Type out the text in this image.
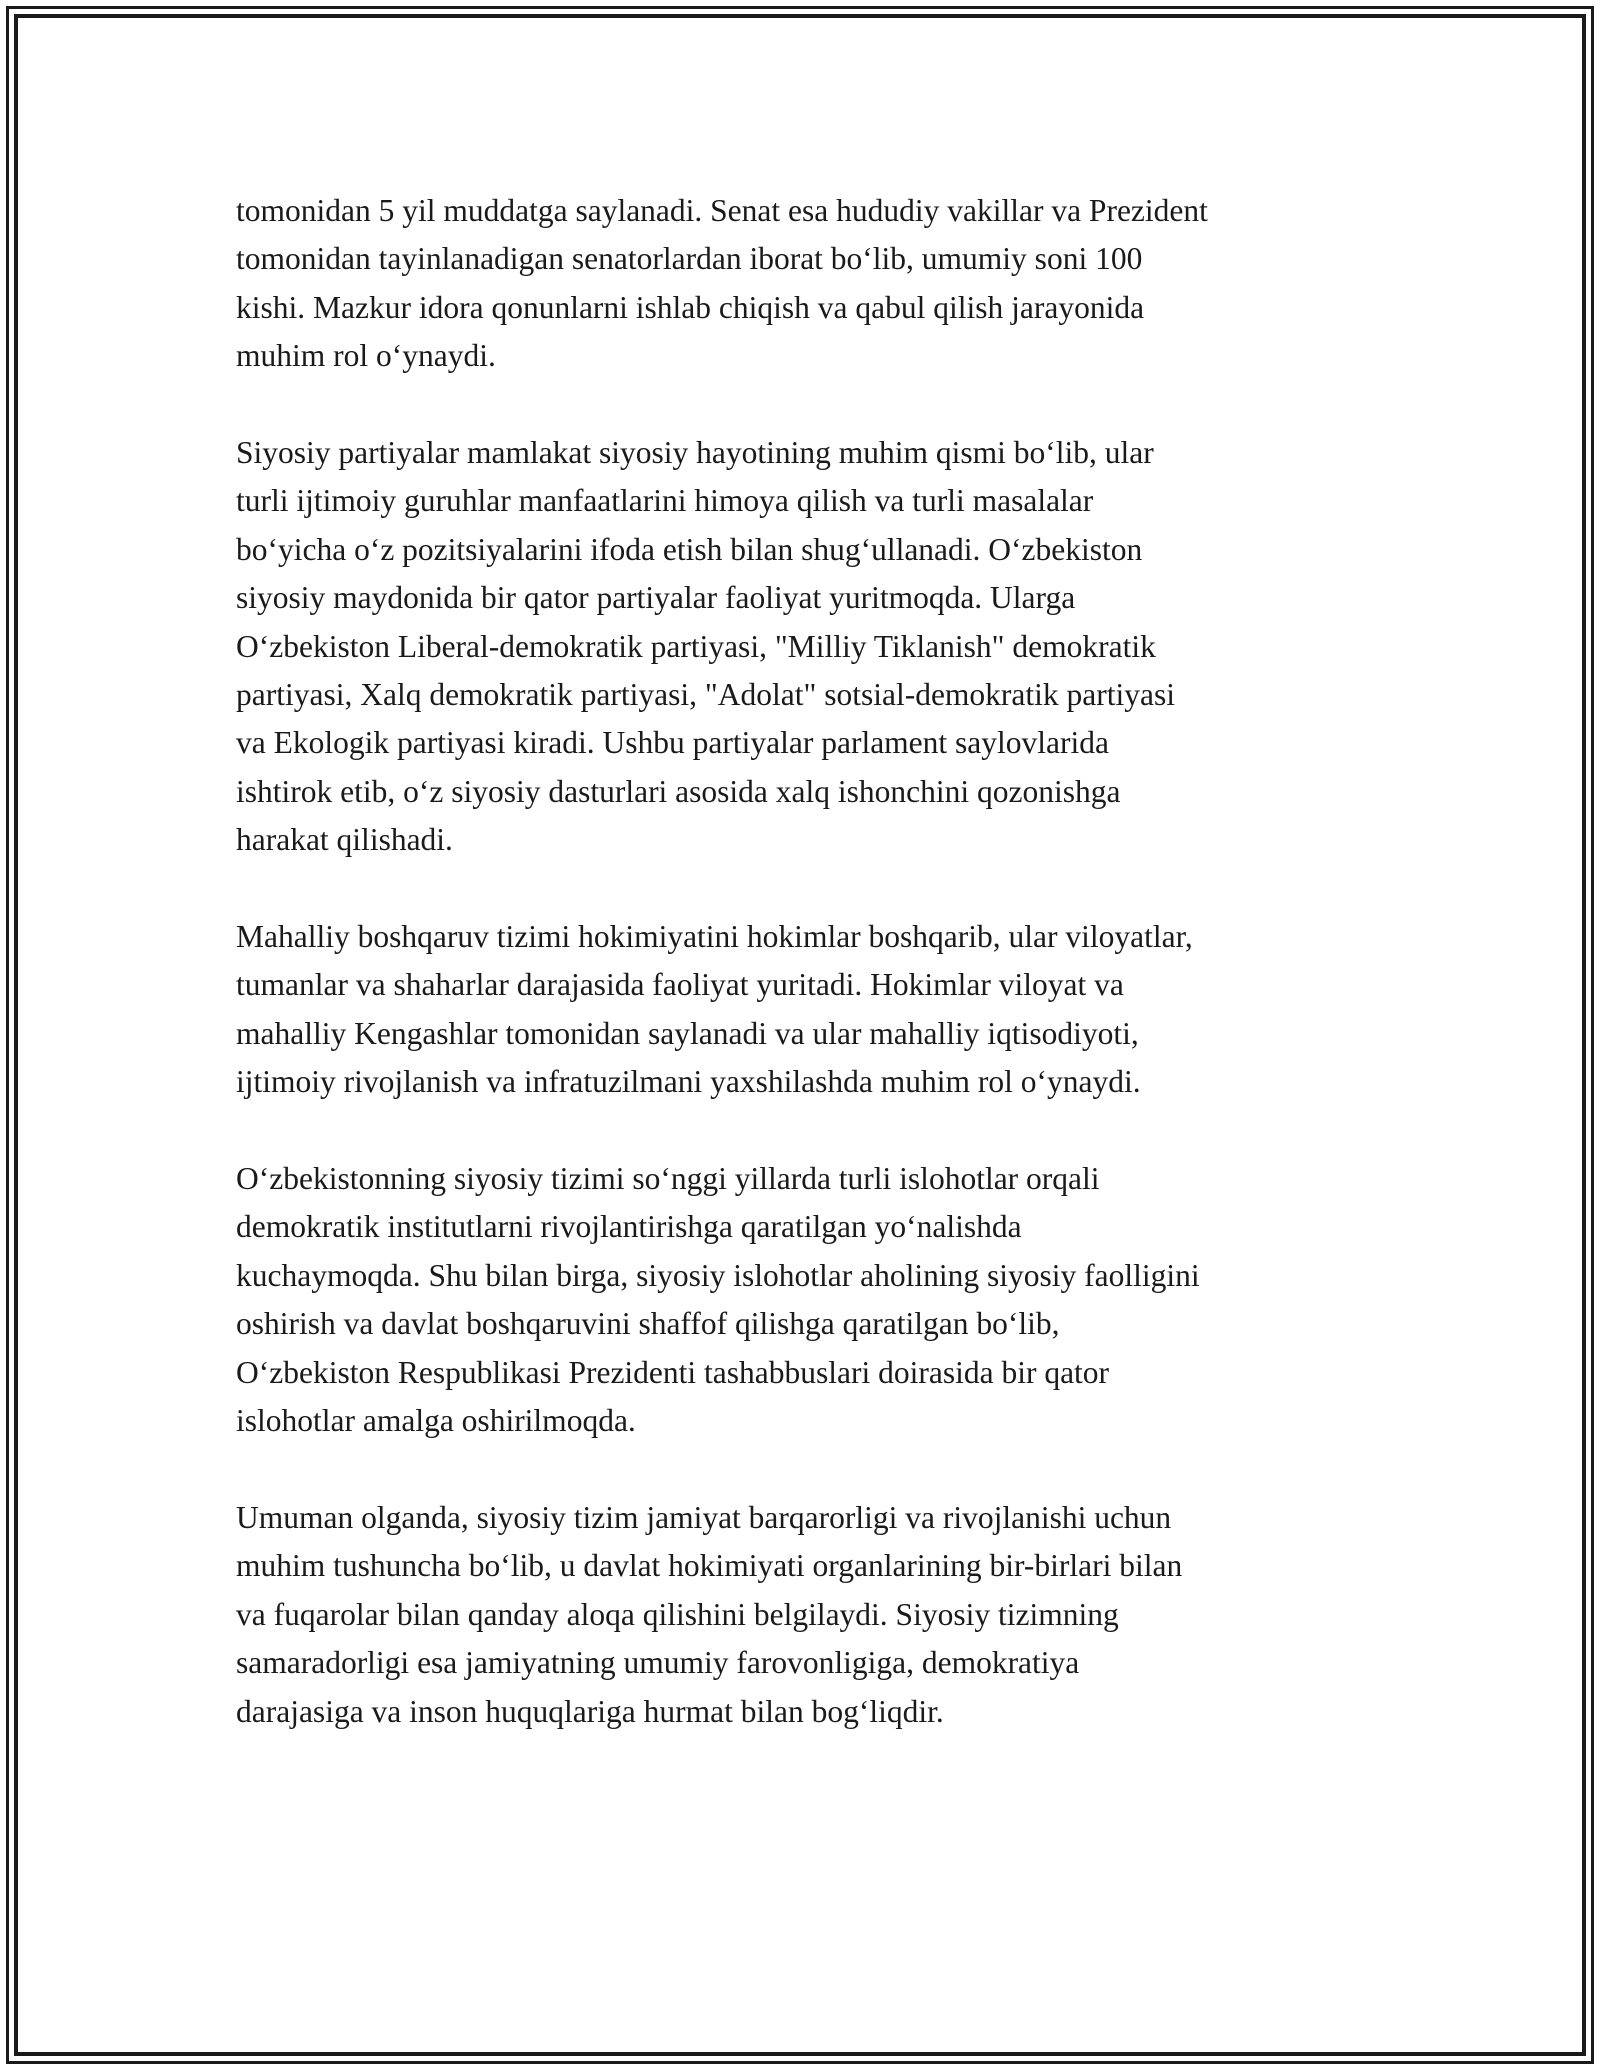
tomonidan 5 yil muddatga saylanadi. Senat esa hududiy vakillar va Prezident
tomonidan tayinlanadigan senatorlardan iborat bo‘lib, umumiy soni 100
kishi. Mazkur idora qonunlarni ishlab chiqish va qabul qilish jarayonida
muhim rol o‘ynaydi.

Siyosiy partiyalar mamlakat siyosiy hayotining muhim qismi bo‘lib, ular
turli ijtimoiy guruhlar manfaatlarini himoya qilish va turli masalalar
bo‘yicha o‘z pozitsiyalarini ifoda etish bilan shug‘ullanadi. O‘zbekiston
siyosiy maydonida bir qator partiyalar faoliyat yuritmoqda. Ularga
O‘zbekiston Liberal-demokratik partiyasi, "Milliy Tiklanish" demokratik
partiyasi, Xalq demokratik partiyasi, "Adolat" sotsial-demokratik partiyasi
va Ekologik partiyasi kiradi. Ushbu partiyalar parlament saylovlarida
ishtirok etib, o‘z siyosiy dasturlari asosida xalq ishonchini qozonishga
harakat qilishadi.

Mahalliy boshqaruv tizimi hokimiyatini hokimlar boshqarib, ular viloyatlar,
tumanlar va shaharlar darajasida faoliyat yuritadi. Hokimlar viloyat va
mahalliy Kengashlar tomonidan saylanadi va ular mahalliy iqtisodiyoti,
ijtimoiy rivojlanish va infratuzilmani yaxshilashda muhim rol o‘ynaydi.

O‘zbekistonning siyosiy tizimi so‘nggi yillarda turli islohotlar orqali
demokratik institutlarni rivojlantirishga qaratilgan yo‘nalishda
kuchaymoqda. Shu bilan birga, siyosiy islohotlar aholining siyosiy faolligini
oshirish va davlat boshqaruvini shaffof qilishga qaratilgan bo‘lib,
O‘zbekiston Respublikasi Prezidenti tashabbuslari doirasida bir qator
islohotlar amalga oshirilmoqda.

Umuman olganda, siyosiy tizim jamiyat barqarorligi va rivojlanishi uchun
muhim tushuncha bo‘lib, u davlat hokimiyati organlarining bir-birlari bilan
va fuqarolar bilan qanday aloqa qilishini belgilaydi. Siyosiy tizimning
samaradorligi esa jamiyatning umumiy farovonligiga, demokratiya
darajasiga va inson huquqlariga hurmat bilan bog‘liqdir.
